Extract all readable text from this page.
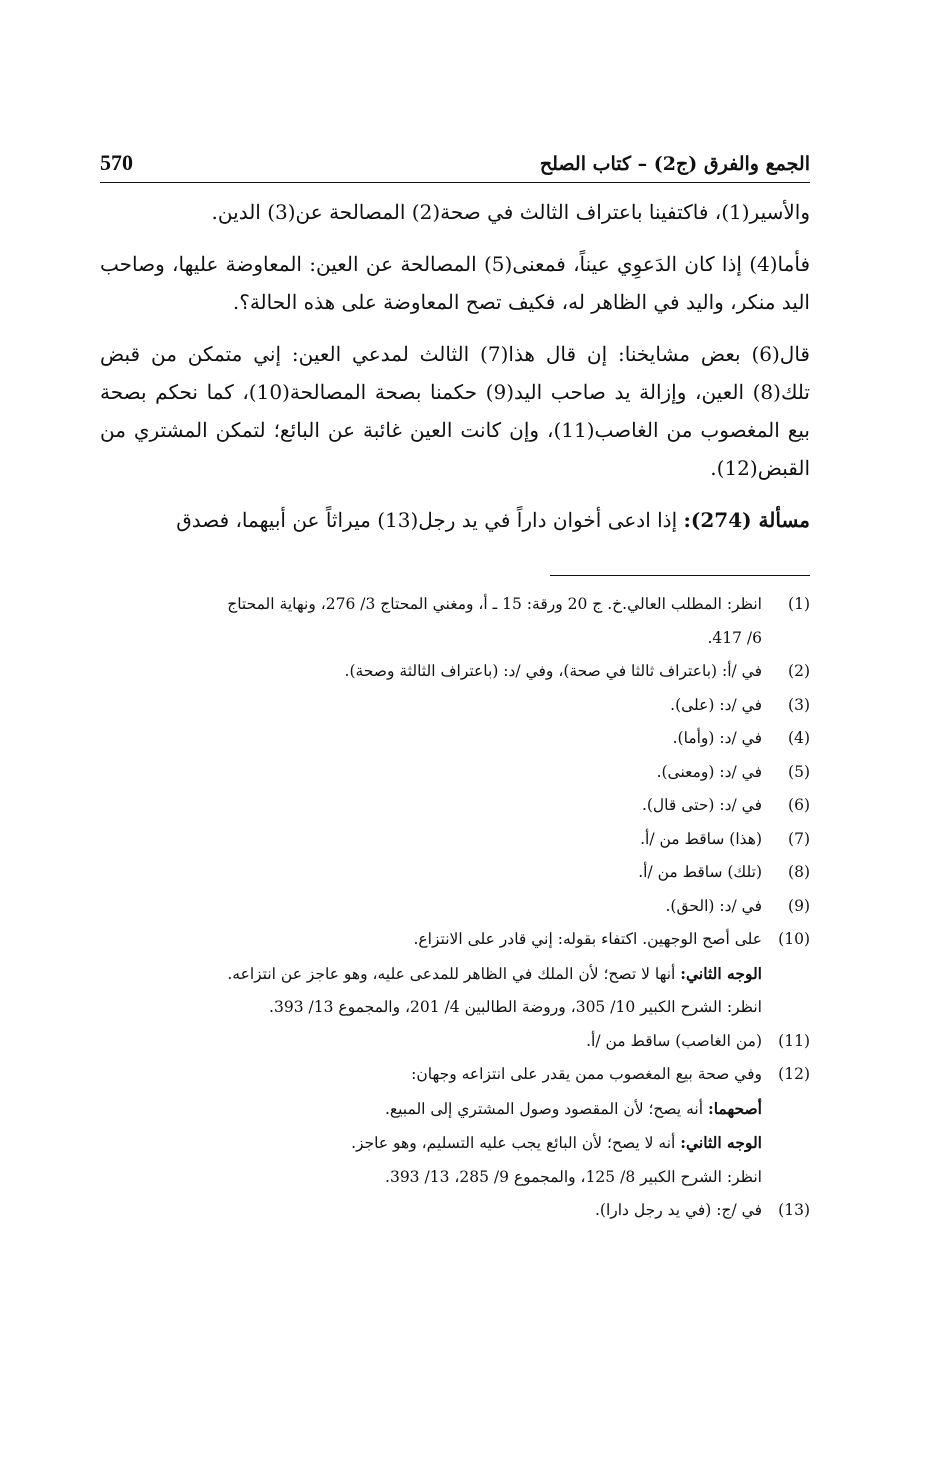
الجمع والفرق (ج2) – كتاب الصلح
570

والأسير(1)، فاكتفينا باعتراف الثالث في صحة(2) المصالحة عن(3) الدين.

فأما(4) إذا كان الدَعوِي عيناً، فمعنى(5) المصالحة عن العين: المعاوضة عليها، وصاحب اليد منكر، واليد في الظاهر له، فكيف تصح المعاوضة على هذه الحالة؟.

قال(6) بعض مشايخنا: إن قال هذا(7) الثالث لمدعي العين: إني متمكن من قبض تلك(8) العين، وإزالة يد صاحب اليد(9) حكمنا بصحة المصالحة(10)، كما نحكم بصحة بيع المغصوب من الغاصب(11)، وإن كانت العين غائبة عن البائع؛ لتمكن المشتري من القبض(12).

مسألة (274): إذا ادعى أخوان داراً في يد رجل(13) ميراثاً عن أبيهما، فصدق

(1)
انظر: المطلب العالي.خ. ج 20 ورقة: 15 ـ أ، ومغني المحتاج 3/ 276، ونهاية المحتاج
6/ 417.
(2)
في /أ: (باعتراف ثالثا في صحة)، وفي /د: (باعتراف الثالثة وصحة).
(3)
في /د: (على).
(4)
في /د: (وأما).
(5)
في /د: (ومعنى).
(6)
في /د: (حتى قال).
(7)
(هذا) ساقط من /أ.
(8)
(تلك) ساقط من /أ.
(9)
في /د: (الحق).
(10)
على أصح الوجهين. اكتفاء بقوله: إني قادر على الانتزاع.
الوجه الثاني: أنها لا تصح؛ لأن الملك في الظاهر للمدعى عليه، وهو عاجز عن انتزاعه.
انظر: الشرح الكبير 10/ 305، وروضة الطالبين 4/ 201، والمجموع 13/ 393.
(11)
(من الغاصب) ساقط من /أ.
(12)
وفي صحة بيع المغصوب ممن يقدر على انتزاعه وجهان:
أصحهما: أنه يصح؛ لأن المقصود وصول المشتري إلى المبيع.
الوجه الثاني: أنه لا يصح؛ لأن البائع يجب عليه التسليم، وهو عاجز.
انظر: الشرح الكبير 8/ 125، والمجموع 9/ 285، 13/ 393.
(13)
في /ج: (في يد رجل دارا).
